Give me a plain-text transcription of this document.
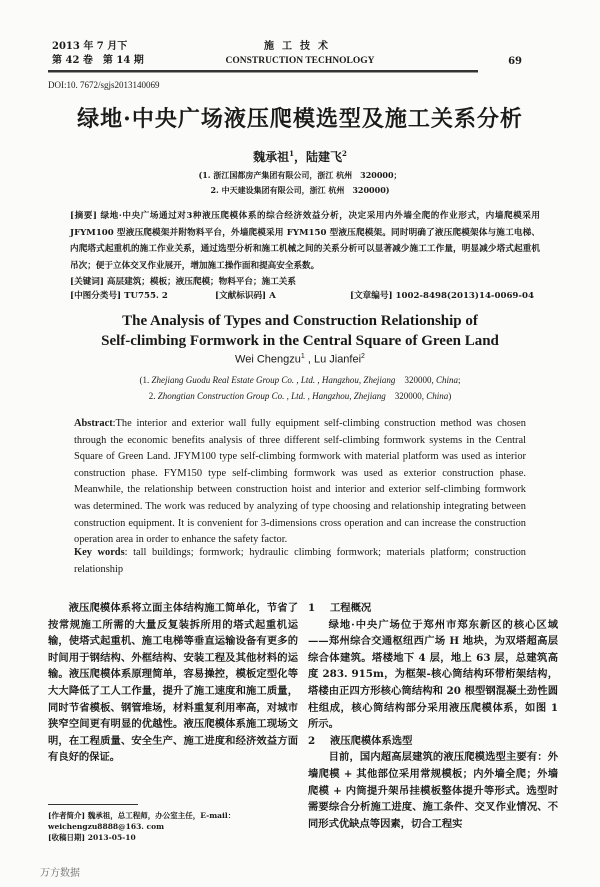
2013 年 7 月下
第 42 卷　第 14 期
施工技术
CONSTRUCTION TECHNOLOGY	69
DOI:10. 7672/sgjs2013140069
绿地·中央广场液压爬模选型及施工关系分析
魏承祖$^1$，陆建飞$^2$
(1. 浙江国都房产集团有限公司，浙江 杭州　320000；
2. 中天建设集团有限公司，浙江 杭州　320000)
[摘要] 绿地·中央广场通过对3种液压爬模体系的综合经济效益分析，决定采用内外墙全爬的作业形式，内墙爬模采用 JFYM100 型液压爬模架并附物料平台，外墙爬模采用 FYM150 型液压爬模架。同时明确了液压爬模架体与施工电梯、内爬塔式起重机的施工作业关系，通过选型分析和施工机械之间的关系分析可以显著减少施工工作量，明显减少塔式起重机吊次；便于立体交叉作业展开，增加施工操作面和提高安全系数。
[关键词] 高层建筑；模板；液压爬模；物料平台；施工关系
[中图分类号] TU755. 2	[文献标识码] A	[文章编号] 1002-8498(2013)14-0069-04
The Analysis of Types and Construction Relationship of
Self-climbing Formwork in the Central Square of Green Land
Wei Chengzu$^1$ , Lu Jianfei$^2$
(1. Zhejiang Guodu Real Estate Group Co. , Ltd. , Hangzhou, Zhejiang　320000, China;
2. Zhongtian Construction Group Co. , Ltd. , Hangzhou, Zhejiang　320000, China)
Abstract:The interior and exterior wall fully equipment self-climbing construction method was chosen through the economic benefits analysis of three different self-climbing formwork systems in the Central Square of Green Land. JFYM100 type self-climbing formwork with material platform was used as interior construction phase. FYM150 type self-climbing formwork was used as exterior construction phase. Meanwhile, the relationship between construction hoist and interior and exterior self-climbing formwork was determined. The work was reduced by analyzing of type choosing and relationship integrating between construction equipment. It is convenient for 3-dimensions cross operation and can increase the construction operation area in order to enhance the safety factor.
Key words: tall buildings; formwork; hydraulic climbing formwork; materials platform; construction relationship

液压爬模体系将立面主体结构施工简单化，节省了按常规施工所需的大量反复装拆所用的塔式起重机运输，使塔式起重机、施工电梯等垂直运输设备有更多的时间用于钢结构、外框结构、安装工程及其他材料的运输。液压爬模体系原理简单，容易操控，模板定型化等大大降低了工人工作量，提升了施工速度和施工质量，同时节省模板、钢管堆场，材料重复利用率高，对城市狭窄空间更有明显的优越性。液压爬模体系施工现场文明，在工程质量、安全生产、施工进度和经济效益方面有良好的保证。

1 工程概况

绿地·中央广场位于郑州市郑东新区的核心区域——郑州综合交通枢纽西广场 H 地块，为双塔超高层综合体建筑。塔楼地下 4 层，地上 63 层，总建筑高度 283. 915m，为框架-核心筒结构环带桁架结构，塔楼由正四方形核心筒结构和 20 根型钢混凝土劲性圆柱组成，核心筒结构部分采用液压爬模体系，如图 1 所示。

2 液压爬模体系选型

目前，国内超高层建筑的液压爬模选型主要有：外墙爬模 + 其他部位采用常规模板；内外墙全爬；外墙爬模 + 内筒提升架吊挂模板整体提升等形式。选型时需要综合分析施工进度、施工条件、交叉作业情况、不同形式优缺点等因素，切合工程实

[作者简介] 魏承祖，总工程师，办公室主任，E-mail：weichengzu8888@163. com
[收稿日期] 2013-05-10
万方数据
